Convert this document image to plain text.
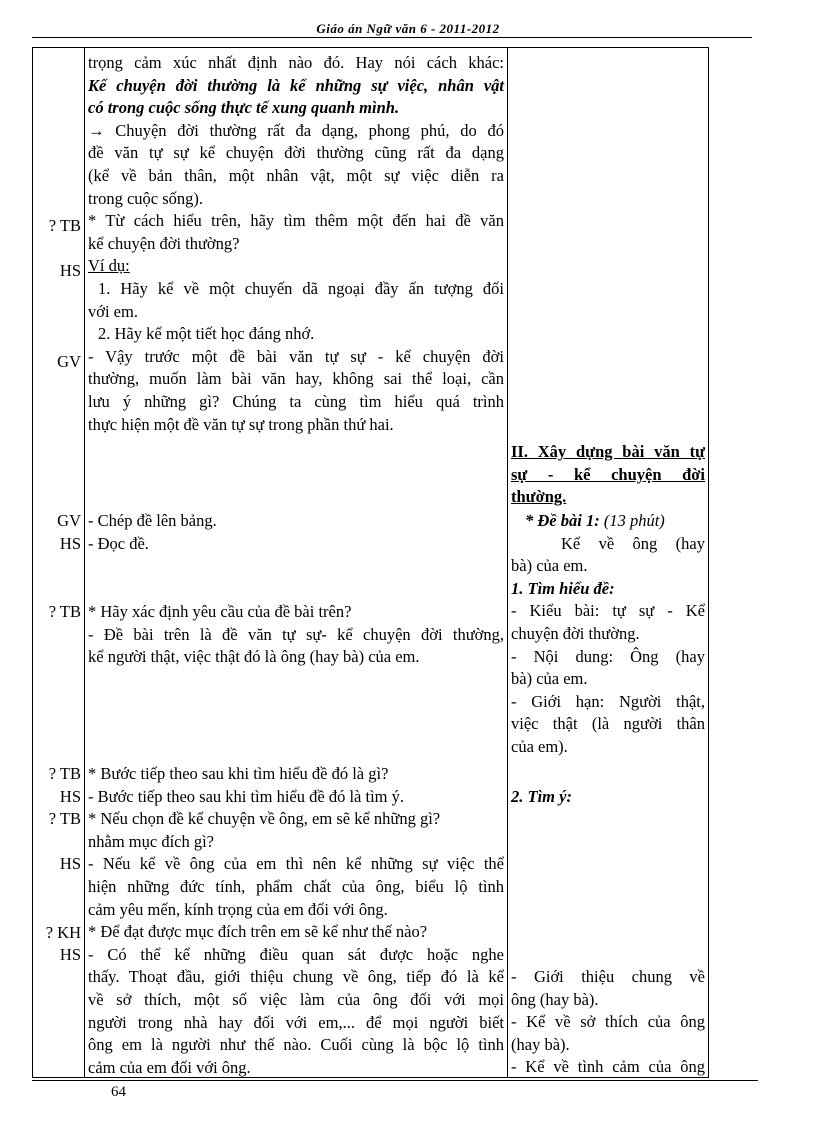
Giáo án Ngữ văn 6 - 2011-2012
? TB
HS
GV
GV
HS
? TB
? TB
HS
? TB
HS
? KH
HS
trọng cảm xúc nhất định nào đó. Hay nói cách khác:
Kể chuyện đời thường là kể những sự việc, nhân vật
có trong cuộc sống thực tế xung quanh mình.
→ Chuyện đời thường rất đa dạng, phong phú, do đó
đề văn tự sự kể chuyện đời thường cũng rất đa dạng
(kể về bản thân, một nhân vật, một sự việc diễn ra
trong cuộc sống).
* Từ cách hiểu trên, hãy tìm thêm một đến hai đề văn
kể chuyện đời thường?
Ví dụ:
1. Hãy kể về một chuyến dã ngoại đầy ấn tượng đối
với em.
2. Hãy kể một tiết học đáng nhớ.
- Vậy trước một đề bài văn tự sự - kể chuyện đời
thường, muốn làm bài văn hay, không sai thể loại, cần
lưu ý những gì? Chúng ta cùng tìm hiểu quá trình
thực hiện một đề văn tự sự trong phần thứ hai.
- Chép đề lên bảng.
- Đọc đề.
* Hãy xác định yêu cầu của đề bài trên?
- Đề bài trên là đề văn tự sự- kể chuyện đời thường,
kể người thật, việc thật đó là ông (hay bà) của em.
* Bước tiếp theo sau khi tìm hiểu đề đó là gì?
- Bước tiếp theo sau khi tìm hiểu đề đó là tìm ý.
* Nếu chọn đề kể chuyện về ông, em sẽ kể những gì?
nhằm mục đích gì?
- Nếu kể về ông của em thì nên kể những sự việc thể
hiện những đức tính, phẩm chất của ông, biểu lộ tình
cảm yêu mến, kính trọng của em đối với ông.
* Để đạt được mục đích trên em sẽ kể như thế nào?
- Có thể kể những điều quan sát được hoặc nghe
thấy. Thoạt đầu, giới thiệu chung về ông, tiếp đó là kể
về sở thích, một số việc làm của ông đối với mọi
người trong nhà hay đối với em,... để mọi người biết
ông em là người như thế nào. Cuối cùng là bộc lộ tình
cảm của em đối với ông.
II. Xây dựng bài văn tự
sự - kể chuyện đời
thường.
* Đề bài 1: (13 phút)
Kể về ông (hay
bà) của em.
1. Tìm hiểu đề:
- Kiểu bài: tự sự - Kể
chuyện đời thường.
- Nội dung: Ông (hay
bà) của em.
- Giới hạn: Người thật,
việc thật (là người thân
của em).
2. Tìm ý:
- Giới thiệu chung về
ông (hay bà).
- Kể về sở thích của ông
(hay bà).
- Kể về tình cảm của ông
64
